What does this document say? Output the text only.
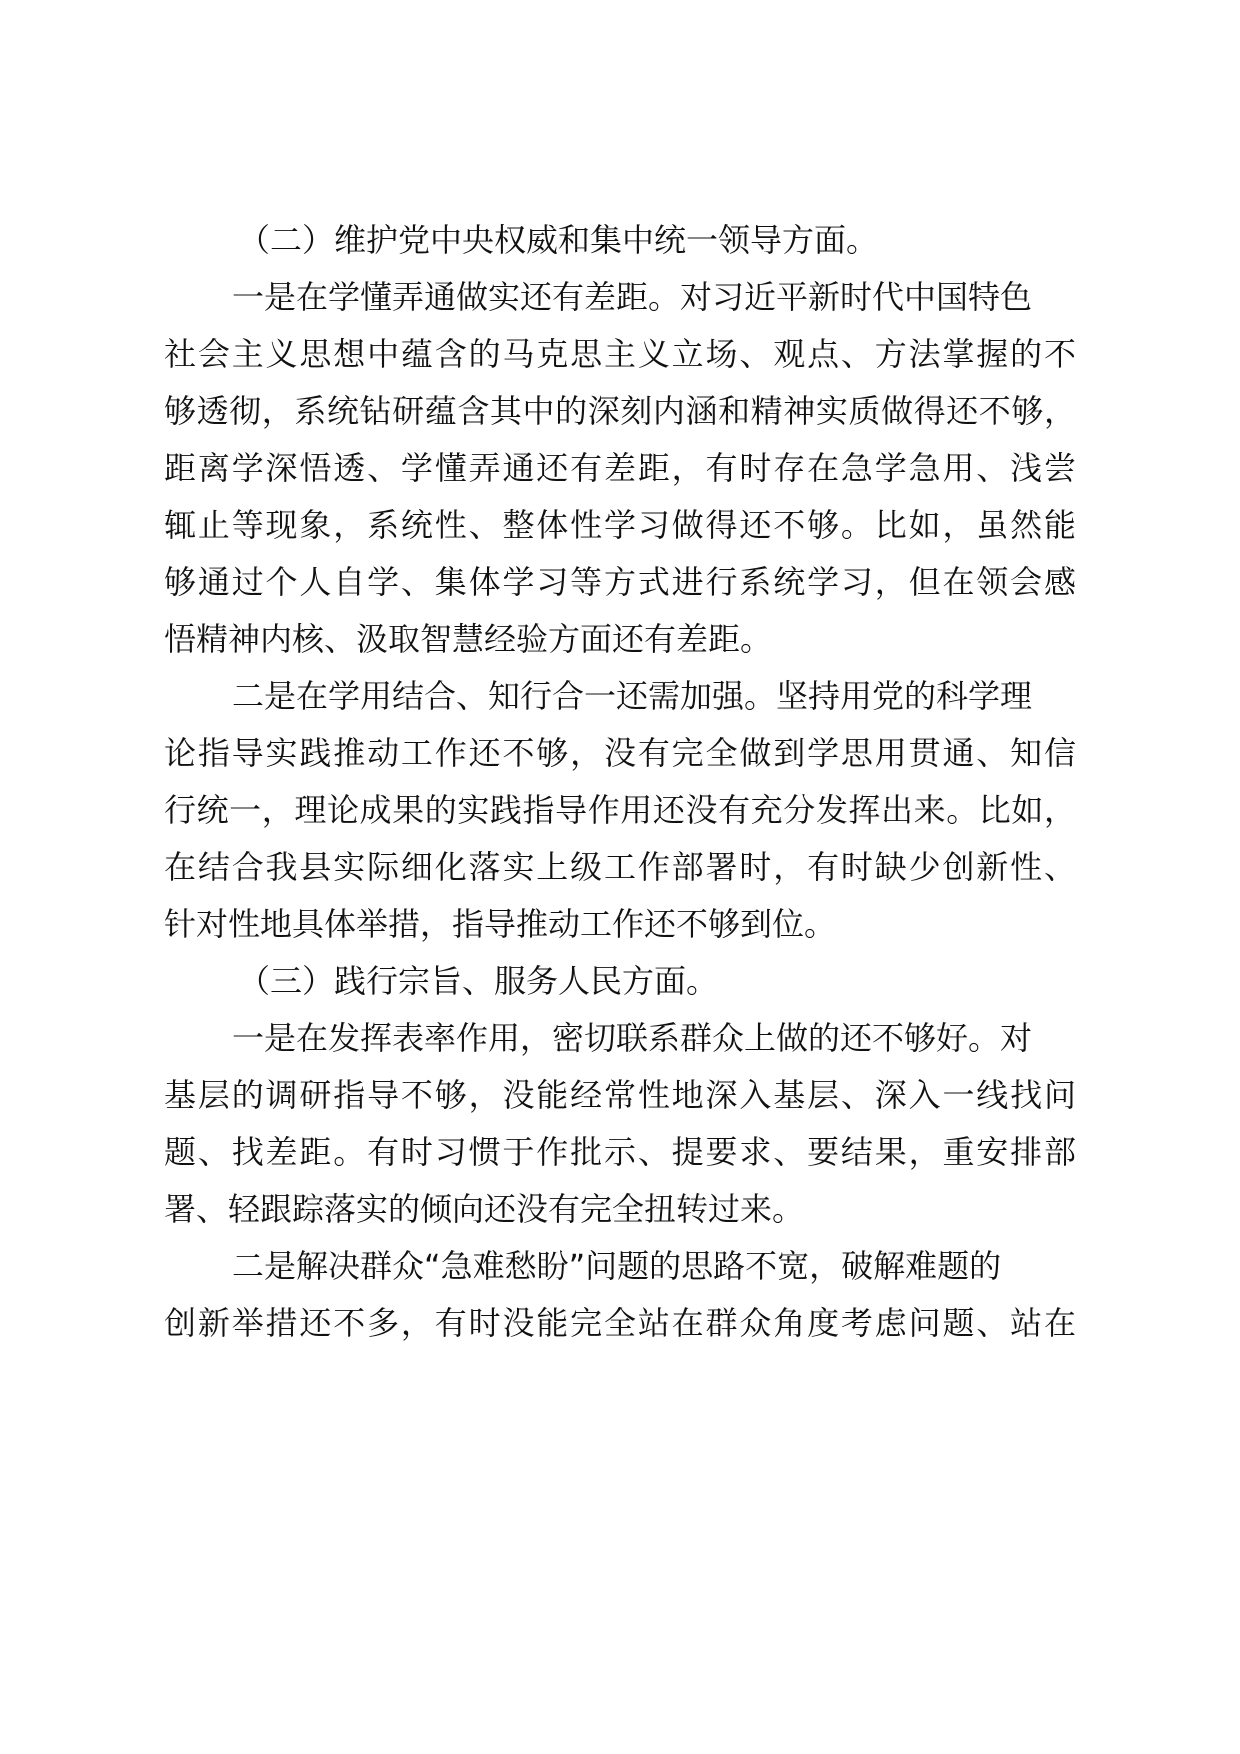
（二）维护党中央权威和集中统一领导方面。
一是在学懂弄通做实还有差距。对习近平新时代中国特色
社会主义思想中蕴含的马克思主义立场、观点、方法掌握的不
够透彻，系统钻研蕴含其中的深刻内涵和精神实质做得还不够，
距离学深悟透、学懂弄通还有差距，有时存在急学急用、浅尝
辄止等现象，系统性、整体性学习做得还不够。比如，虽然能
够通过个人自学、集体学习等方式进行系统学习，但在领会感
悟精神内核、汲取智慧经验方面还有差距。
二是在学用结合、知行合一还需加强。坚持用党的科学理
论指导实践推动工作还不够，没有完全做到学思用贯通、知信
行统一，理论成果的实践指导作用还没有充分发挥出来。比如，
在结合我县实际细化落实上级工作部署时，有时缺少创新性、
针对性地具体举措，指导推动工作还不够到位。
（三）践行宗旨、服务人民方面。
一是在发挥表率作用，密切联系群众上做的还不够好。对
基层的调研指导不够，没能经常性地深入基层、深入一线找问
题、找差距。有时习惯于作批示、提要求、要结果，重安排部
署、轻跟踪落实的倾向还没有完全扭转过来。
二是解决群众“急难愁盼”问题的思路不宽，破解难题的
创新举措还不多，有时没能完全站在群众角度考虑问题、站在
